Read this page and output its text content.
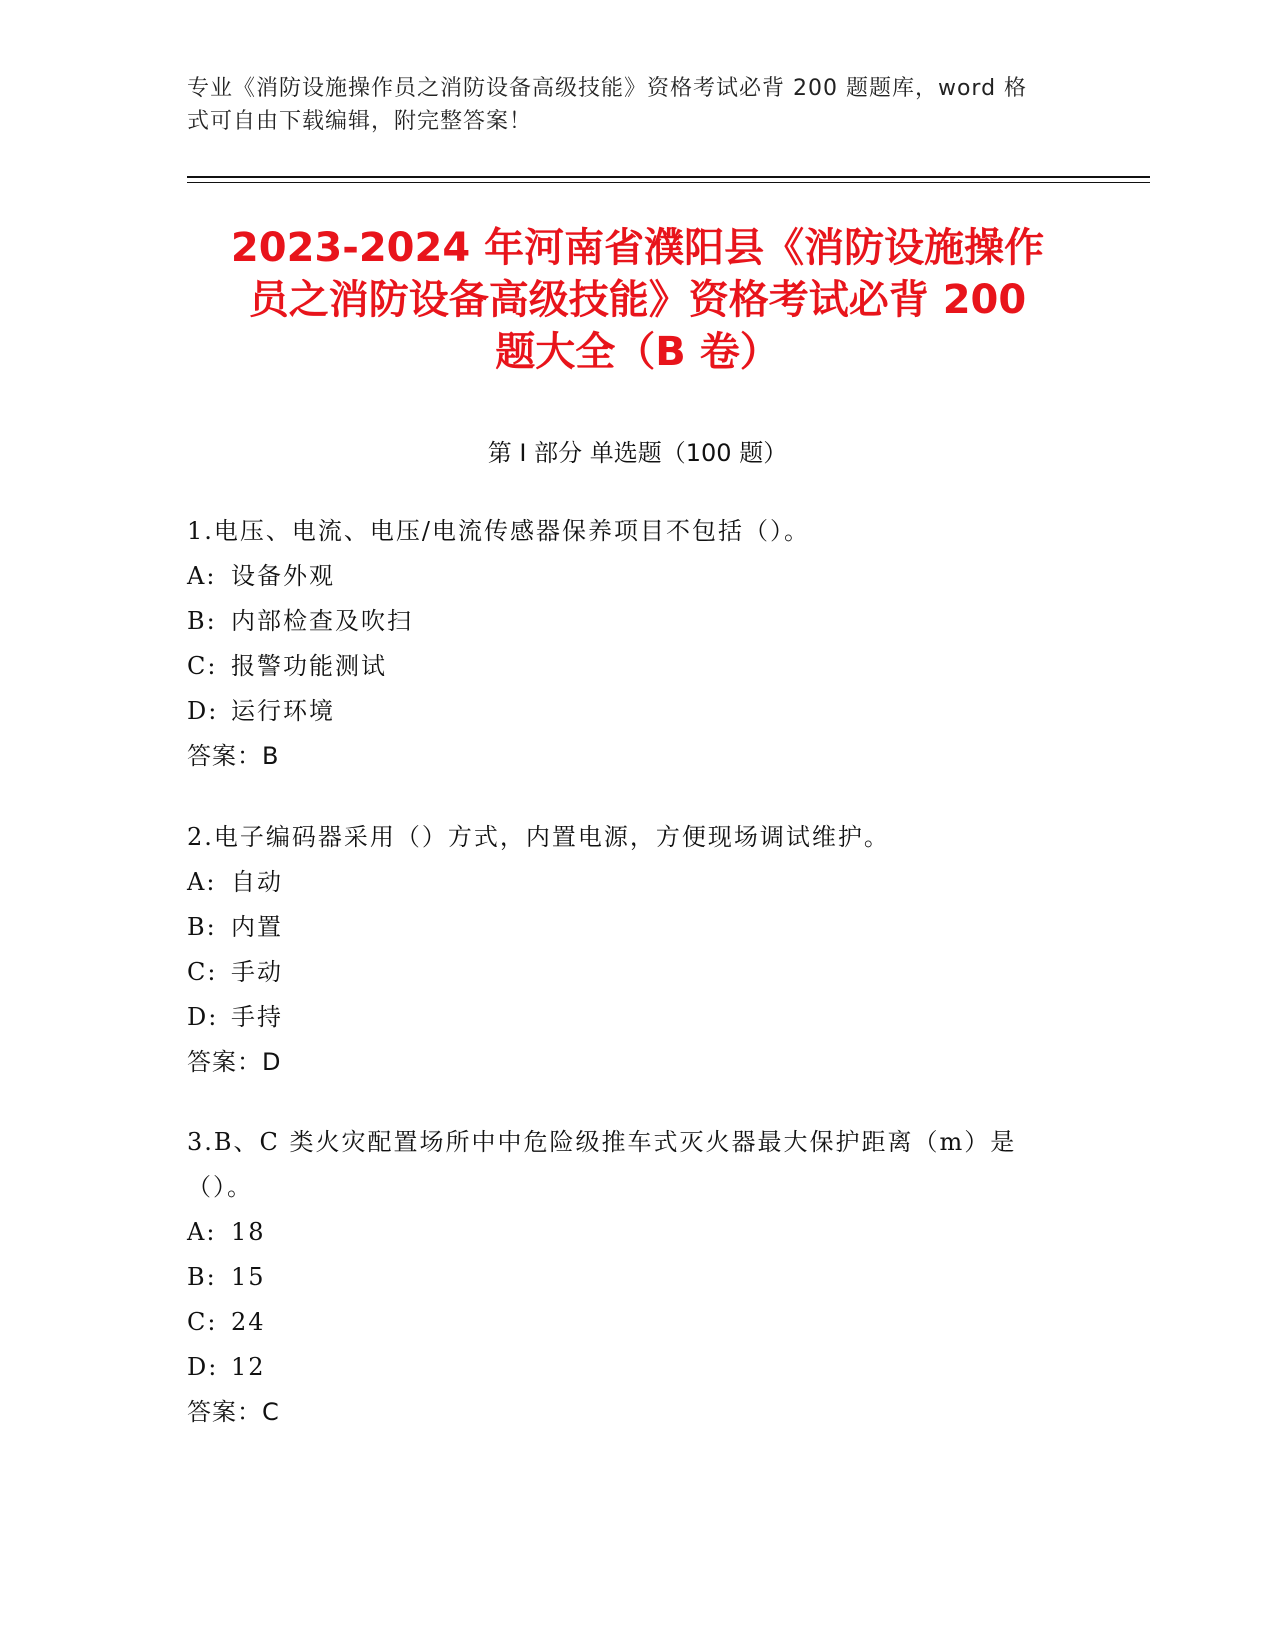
专业《消防设施操作员之消防设备高级技能》资格考试必背 200 题题库，word 格
式可自由下载编辑，附完整答案！
2023-2024 年河南省濮阳县《消防设施操作
员之消防设备高级技能》资格考试必背 200
题大全（B 卷）
第 I 部分 单选题（100 题）
1.电压、电流、电压/电流传感器保养项目不包括（）。
A: 设备外观
B: 内部检查及吹扫
C: 报警功能测试
D: 运行环境
答案：B
2.电子编码器采用（）方式，内置电源，方便现场调试维护。
A: 自动
B: 内置
C: 手动
D: 手持
答案：D
3.B、C 类火灾配置场所中中危险级推车式灭火器最大保护距离（m）是（）。
A: 18
B: 15
C: 24
D: 12
答案：C
